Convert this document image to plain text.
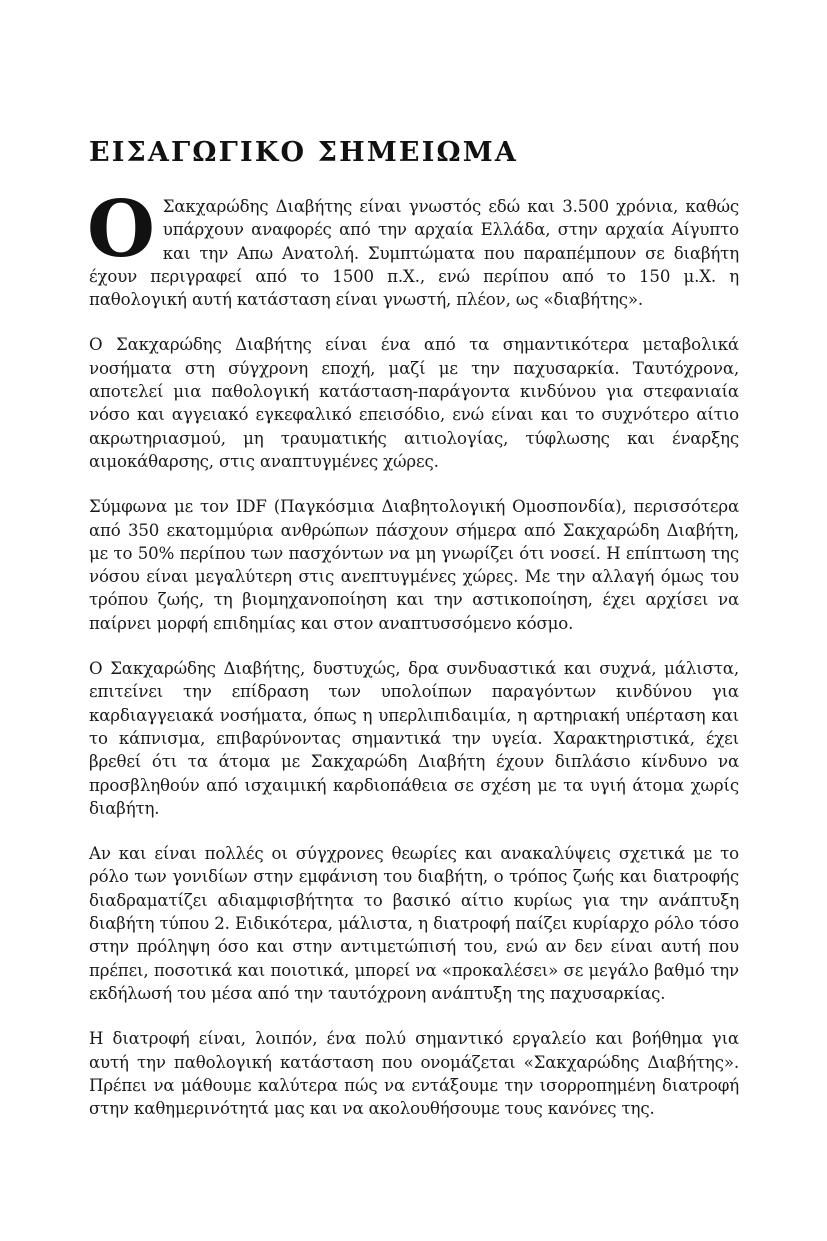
ΕΙΣΑΓΩΓΙΚΟ ΣΗΜΕΙΩΜΑ

Ο Σακχαρώδης Διαβήτης είναι γνωστός εδώ και 3.500 χρόνια, καθώς υπάρχουν αναφορές από την αρχαία Ελλάδα, στην αρχαία Αίγυπτο και την Απω Ανατολή. Συμπτώματα που παραπέμπουν σε διαβήτη έχουν περιγραφεί από το 1500 π.Χ., ενώ περίπου από το 150 μ.Χ. η παθολογική αυτή κατάσταση είναι γνωστή, πλέον, ως «διαβήτης».

Ο Σακχαρώδης Διαβήτης είναι ένα από τα σημαντικότερα μεταβολικά νοσήματα στη σύγχρονη εποχή, μαζί με την παχυσαρκία. Ταυτόχρονα, αποτελεί μια παθολογική κατάσταση-παράγοντα κινδύνου για στεφανιαία νόσο και αγγειακό εγκεφαλικό επεισόδιο, ενώ είναι και το συχνότερο αίτιο ακρωτηριασμού, μη τραυματικής αιτιολογίας, τύφλωσης και έναρξης αιμοκάθαρσης, στις αναπτυγμένες χώρες.

Σύμφωνα με τον IDF (Παγκόσμια Διαβητολογική Ομοσπονδία), περισσότερα από 350 εκατομμύρια ανθρώπων πάσχουν σήμερα από Σακχαρώδη Διαβήτη, με το 50% περίπου των πασχόντων να μη γνωρίζει ότι νοσεί. Η επίπτωση της νόσου είναι μεγαλύτερη στις ανεπτυγμένες χώρες. Με την αλλαγή όμως του τρόπου ζωής, τη βιομηχανοποίηση και την αστικοποίηση, έχει αρχίσει να παίρνει μορφή επιδημίας και στον αναπτυσσόμενο κόσμο.

Ο Σακχαρώδης Διαβήτης, δυστυχώς, δρα συνδυαστικά και συχνά, μάλιστα, επιτείνει την επίδραση των υπολοίπων παραγόντων κινδύνου για καρδιαγγειακά νοσήματα, όπως η υπερλιπιδαιμία, η αρτηριακή υπέρταση και το κάπνισμα, επιβαρύνοντας σημαντικά την υγεία. Χαρακτηριστικά, έχει βρεθεί ότι τα άτομα με Σακχαρώδη Διαβήτη έχουν διπλάσιο κίνδυνο να προσβληθούν από ισχαιμική καρδιοπάθεια σε σχέση με τα υγιή άτομα χωρίς διαβήτη.

Αν και είναι πολλές οι σύγχρονες θεωρίες και ανακαλύψεις σχετικά με το ρόλο των γονιδίων στην εμφάνιση του διαβήτη, ο τρόπος ζωής και διατροφής διαδραματίζει αδιαμφισβήτητα το βασικό αίτιο κυρίως για την ανάπτυξη διαβήτη τύπου 2. Ειδικότερα, μάλιστα, η διατροφή παίζει κυρίαρχο ρόλο τόσο στην πρόληψη όσο και στην αντιμετώπισή του, ενώ αν δεν είναι αυτή που πρέπει, ποσοτικά και ποιοτικά, μπορεί να «προκαλέσει» σε μεγάλο βαθμό την εκδήλωσή του μέσα από την ταυτόχρονη ανάπτυξη της παχυσαρκίας.

Η διατροφή είναι, λοιπόν, ένα πολύ σημαντικό εργαλείο και βοήθημα για αυτή την παθολογική κατάσταση που ονομάζεται «Σακχαρώδης Διαβήτης». Πρέπει να μάθουμε καλύτερα πώς να εντάξουμε την ισορροπημένη διατροφή στην καθημερινότητά μας και να ακολουθήσουμε τους κανόνες της.
